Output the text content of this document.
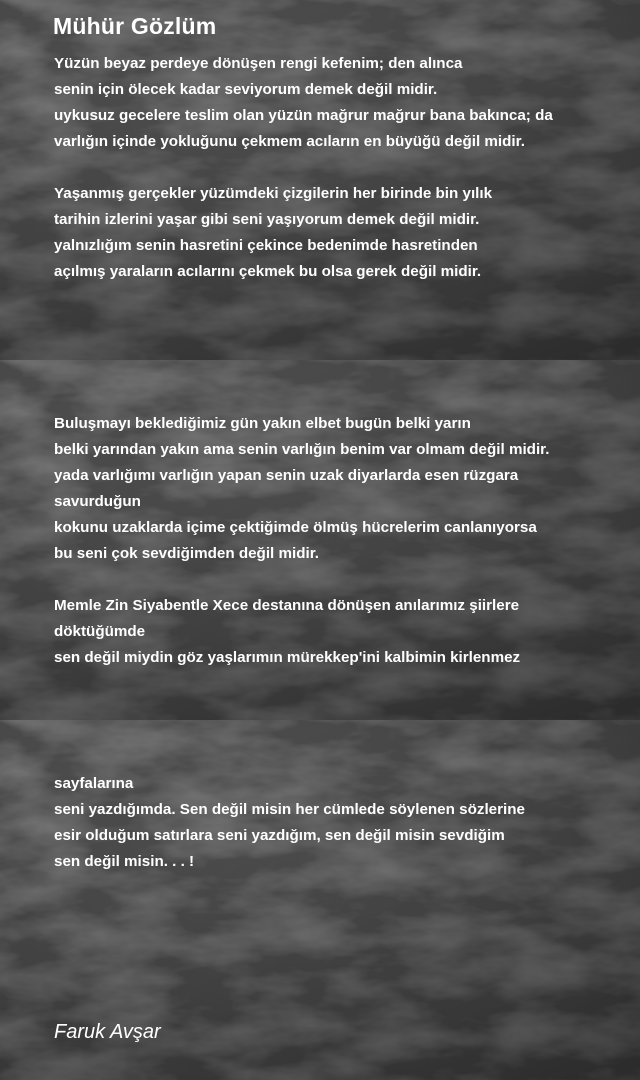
Mühür Gözlüm
Yüzün beyaz perdeye dönüşen rengi kefenim; den alınca
senin için ölecek kadar seviyorum demek değil midir.
uykusuz gecelere teslim olan yüzün mağrur mağrur bana bakınca; da
varlığın içinde yokluğunu çekmem acıların en büyüğü değil midir.
Yaşanmış gerçekler yüzümdeki çizgilerin her birinde bin yılık
tarihin izlerini yaşar gibi seni yaşıyorum demek değil midir.
yalnızlığım senin hasretini çekince bedenimde hasretinden
açılmış yaraların acılarını çekmek bu olsa gerek değil midir.
Buluşmayı beklediğimiz gün yakın elbet bugün belki yarın
belki yarından yakın ama senin varlığın benim var olmam değil midir.
yada varlığımı varlığın yapan senin uzak diyarlarda esen rüzgara
savurduğun
kokunu uzaklarda içime çektiğimde ölmüş hücrelerim canlanıyorsa
bu seni çok sevdiğimden değil midir.
Memle Zin Siyabentle Xece destanına dönüşen anılarımız şiirlere
döktüğümde
sen değil miydin göz yaşlarımın mürekkep'ini kalbimin kirlenmez
sayfalarına
seni yazdığımda. Sen değil misin her cümlede söylenen sözlerine
esir olduğum satırlara seni yazdığım, sen değil misin sevdiğim
sen değil misin. . . !
Faruk Avşar
